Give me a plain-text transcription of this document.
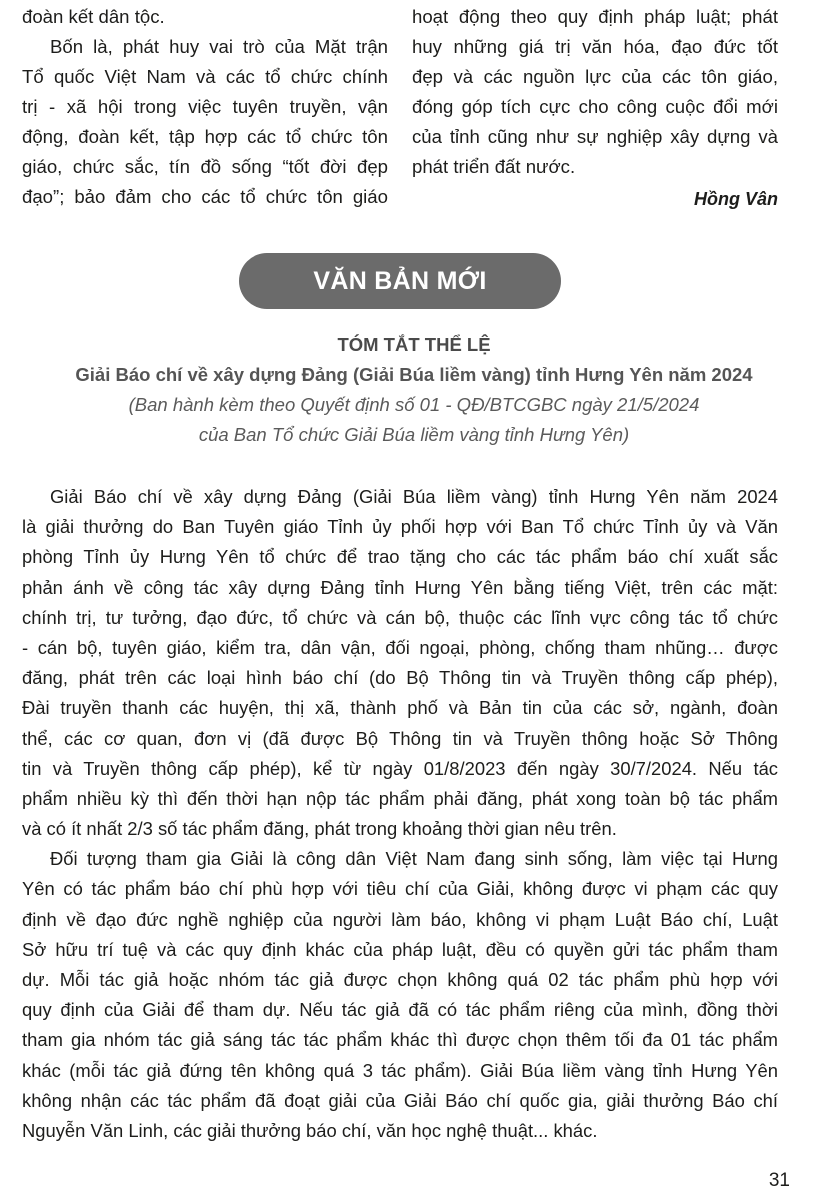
đoàn kết dân tộc.
Bốn là, phát huy vai trò của Mặt trận
Tổ quốc Việt Nam và các tổ chức chính
trị - xã hội trong việc tuyên truyền, vận
động, đoàn kết, tập hợp các tổ chức tôn
giáo, chức sắc, tín đồ sống “tốt đời đẹp
đạo”; bảo đảm cho các tổ chức tôn giáo
hoạt động theo quy định pháp luật; phát
huy những giá trị văn hóa, đạo đức tốt
đẹp và các nguồn lực của các tôn giáo,
đóng góp tích cực cho công cuộc đổi mới
của tỉnh cũng như sự nghiệp xây dựng và
phát triển đất nước.
Hồng Vân
VĂN BẢN MỚI
TÓM TẮT THỂ LỆ
Giải Báo chí về xây dựng Đảng (Giải Búa liềm vàng) tỉnh Hưng Yên năm 2024
(Ban hành kèm theo Quyết định số 01 - QĐ/BTCGBC ngày 21/5/2024
của Ban Tổ chức Giải Búa liềm vàng tỉnh Hưng Yên)
Giải Báo chí về xây dựng Đảng (Giải Búa liềm vàng) tỉnh Hưng Yên năm 2024
là giải thưởng do Ban Tuyên giáo Tỉnh ủy phối hợp với Ban Tổ chức Tỉnh ủy và Văn
phòng Tỉnh ủy Hưng Yên tổ chức để trao tặng cho các tác phẩm báo chí xuất sắc
phản ánh về công tác xây dựng Đảng tỉnh Hưng Yên bằng tiếng Việt, trên các mặt:
chính trị, tư tưởng, đạo đức, tổ chức và cán bộ, thuộc các lĩnh vực công tác tổ chức
- cán bộ, tuyên giáo, kiểm tra, dân vận, đối ngoại, phòng, chống tham nhũng… được
đăng, phát trên các loại hình báo chí (do Bộ Thông tin và Truyền thông cấp phép),
Đài truyền thanh các huyện, thị xã, thành phố và Bản tin của các sở, ngành, đoàn
thể, các cơ quan, đơn vị (đã được Bộ Thông tin và Truyền thông hoặc Sở Thông
tin và Truyền thông cấp phép), kể từ ngày 01/8/2023 đến ngày 30/7/2024. Nếu tác
phẩm nhiều kỳ thì đến thời hạn nộp tác phẩm phải đăng, phát xong toàn bộ tác phẩm
và có ít nhất 2/3 số tác phẩm đăng, phát trong khoảng thời gian nêu trên.
Đối tượng tham gia Giải là công dân Việt Nam đang sinh sống, làm việc tại Hưng
Yên có tác phẩm báo chí phù hợp với tiêu chí của Giải, không được vi phạm các quy
định về đạo đức nghề nghiệp của người làm báo, không vi phạm Luật Báo chí, Luật
Sở hữu trí tuệ và các quy định khác của pháp luật, đều có quyền gửi tác phẩm tham
dự. Mỗi tác giả hoặc nhóm tác giả được chọn không quá 02 tác phẩm phù hợp với
quy định của Giải để tham dự. Nếu tác giả đã có tác phẩm riêng của mình, đồng thời
tham gia nhóm tác giả sáng tác tác phẩm khác thì được chọn thêm tối đa 01 tác phẩm
khác (mỗi tác giả đứng tên không quá 3 tác phẩm). Giải Búa liềm vàng tỉnh Hưng Yên
không nhận các tác phẩm đã đoạt giải của Giải Báo chí quốc gia, giải thưởng Báo chí
Nguyễn Văn Linh, các giải thưởng báo chí, văn học nghệ thuật... khác.
31
